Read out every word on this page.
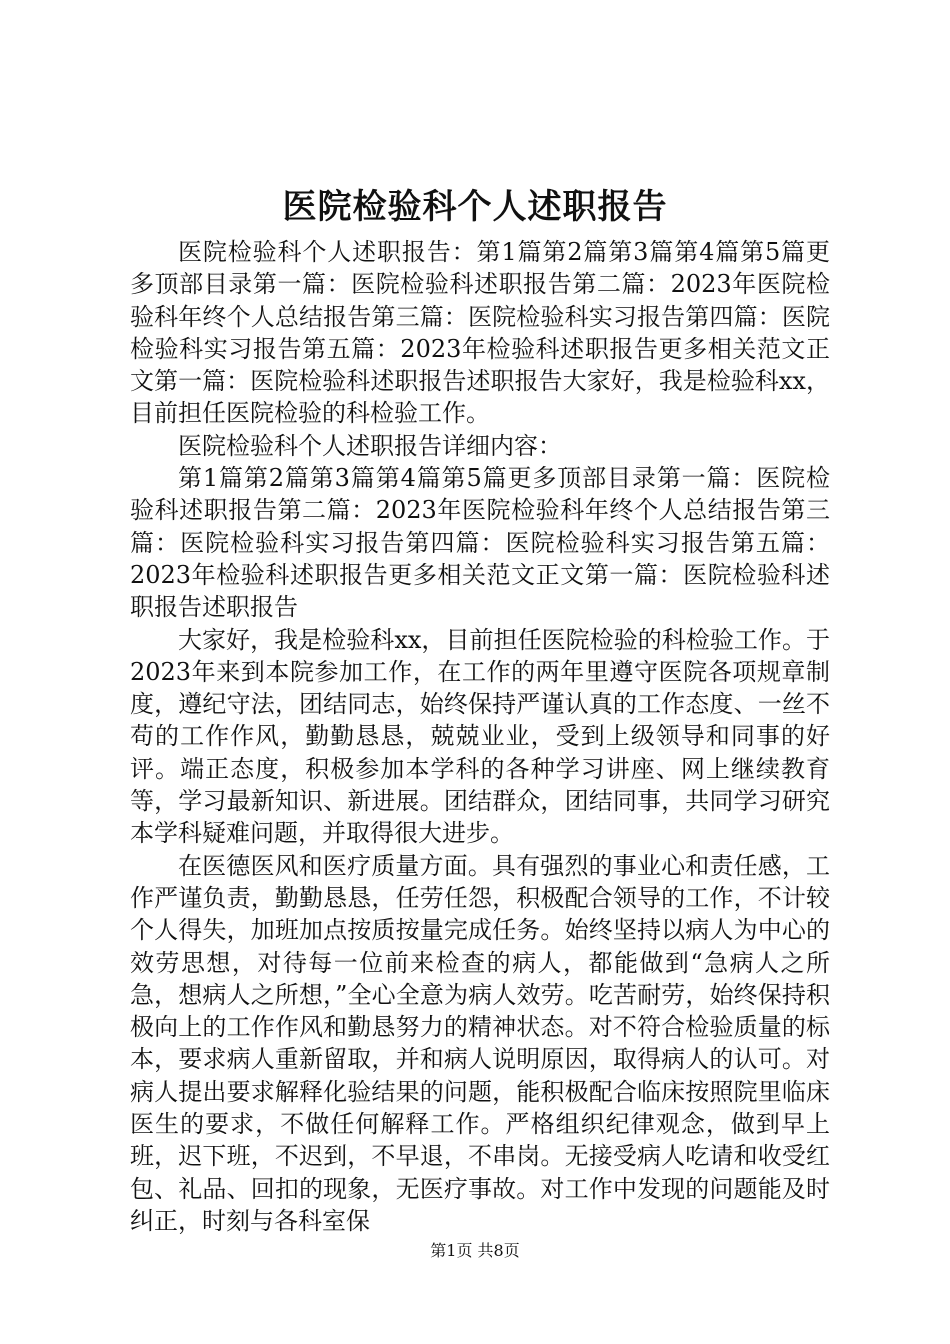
医院检验科个人述职报告

医院检验科个人述职报告：第1篇第2篇第3篇第4篇第5篇更多顶部目录第一篇：医院检验科述职报告第二篇：2023年医院检验科年终个人总结报告第三篇：医院检验科实习报告第四篇：医院检验科实习报告第五篇：2023年检验科述职报告更多相关范文正文第一篇：医院检验科述职报告述职报告大家好，我是检验科xx，目前担任医院检验的科检验工作。

医院检验科个人述职报告详细内容：

第1篇第2篇第3篇第4篇第5篇更多顶部目录第一篇：医院检验科述职报告第二篇：2023年医院检验科年终个人总结报告第三篇：医院检验科实习报告第四篇：医院检验科实习报告第五篇：2023年检验科述职报告更多相关范文正文第一篇：医院检验科述职报告述职报告

大家好，我是检验科xx，目前担任医院检验的科检验工作。于2023年来到本院参加工作，在工作的两年里遵守医院各项规章制度，遵纪守法，团结同志，始终保持严谨认真的工作态度、一丝不苟的工作作风，勤勤恳恳，兢兢业业，受到上级领导和同事的好评。端正态度，积极参加本学科的各种学习讲座、网上继续教育等，学习最新知识、新进展。团结群众，团结同事，共同学习研究本学科疑难问题，并取得很大进步。

在医德医风和医疗质量方面。具有强烈的事业心和责任感，工作严谨负责，勤勤恳恳，任劳任怨，积极配合领导的工作，不计较个人得失，加班加点按质按量完成任务。始终坚持以病人为中心的效劳思想，对待每一位前来检查的病人，都能做到“急病人之所急，想病人之所想，”全心全意为病人效劳。吃苦耐劳，始终保持积极向上的工作作风和勤恳努力的精神状态。对不符合检验质量的标本，要求病人重新留取，并和病人说明原因，取得病人的认可。对病人提出要求解释化验结果的问题，能积极配合临床按照院里临床医生的要求，不做任何解释工作。严格组织纪律观念，做到早上班，迟下班，不迟到，不早退，不串岗。无接受病人吃请和收受红包、礼品、回扣的现象，无医疗事故。对工作中发现的问题能及时纠正，时刻与各科室保

第1页 共8页
